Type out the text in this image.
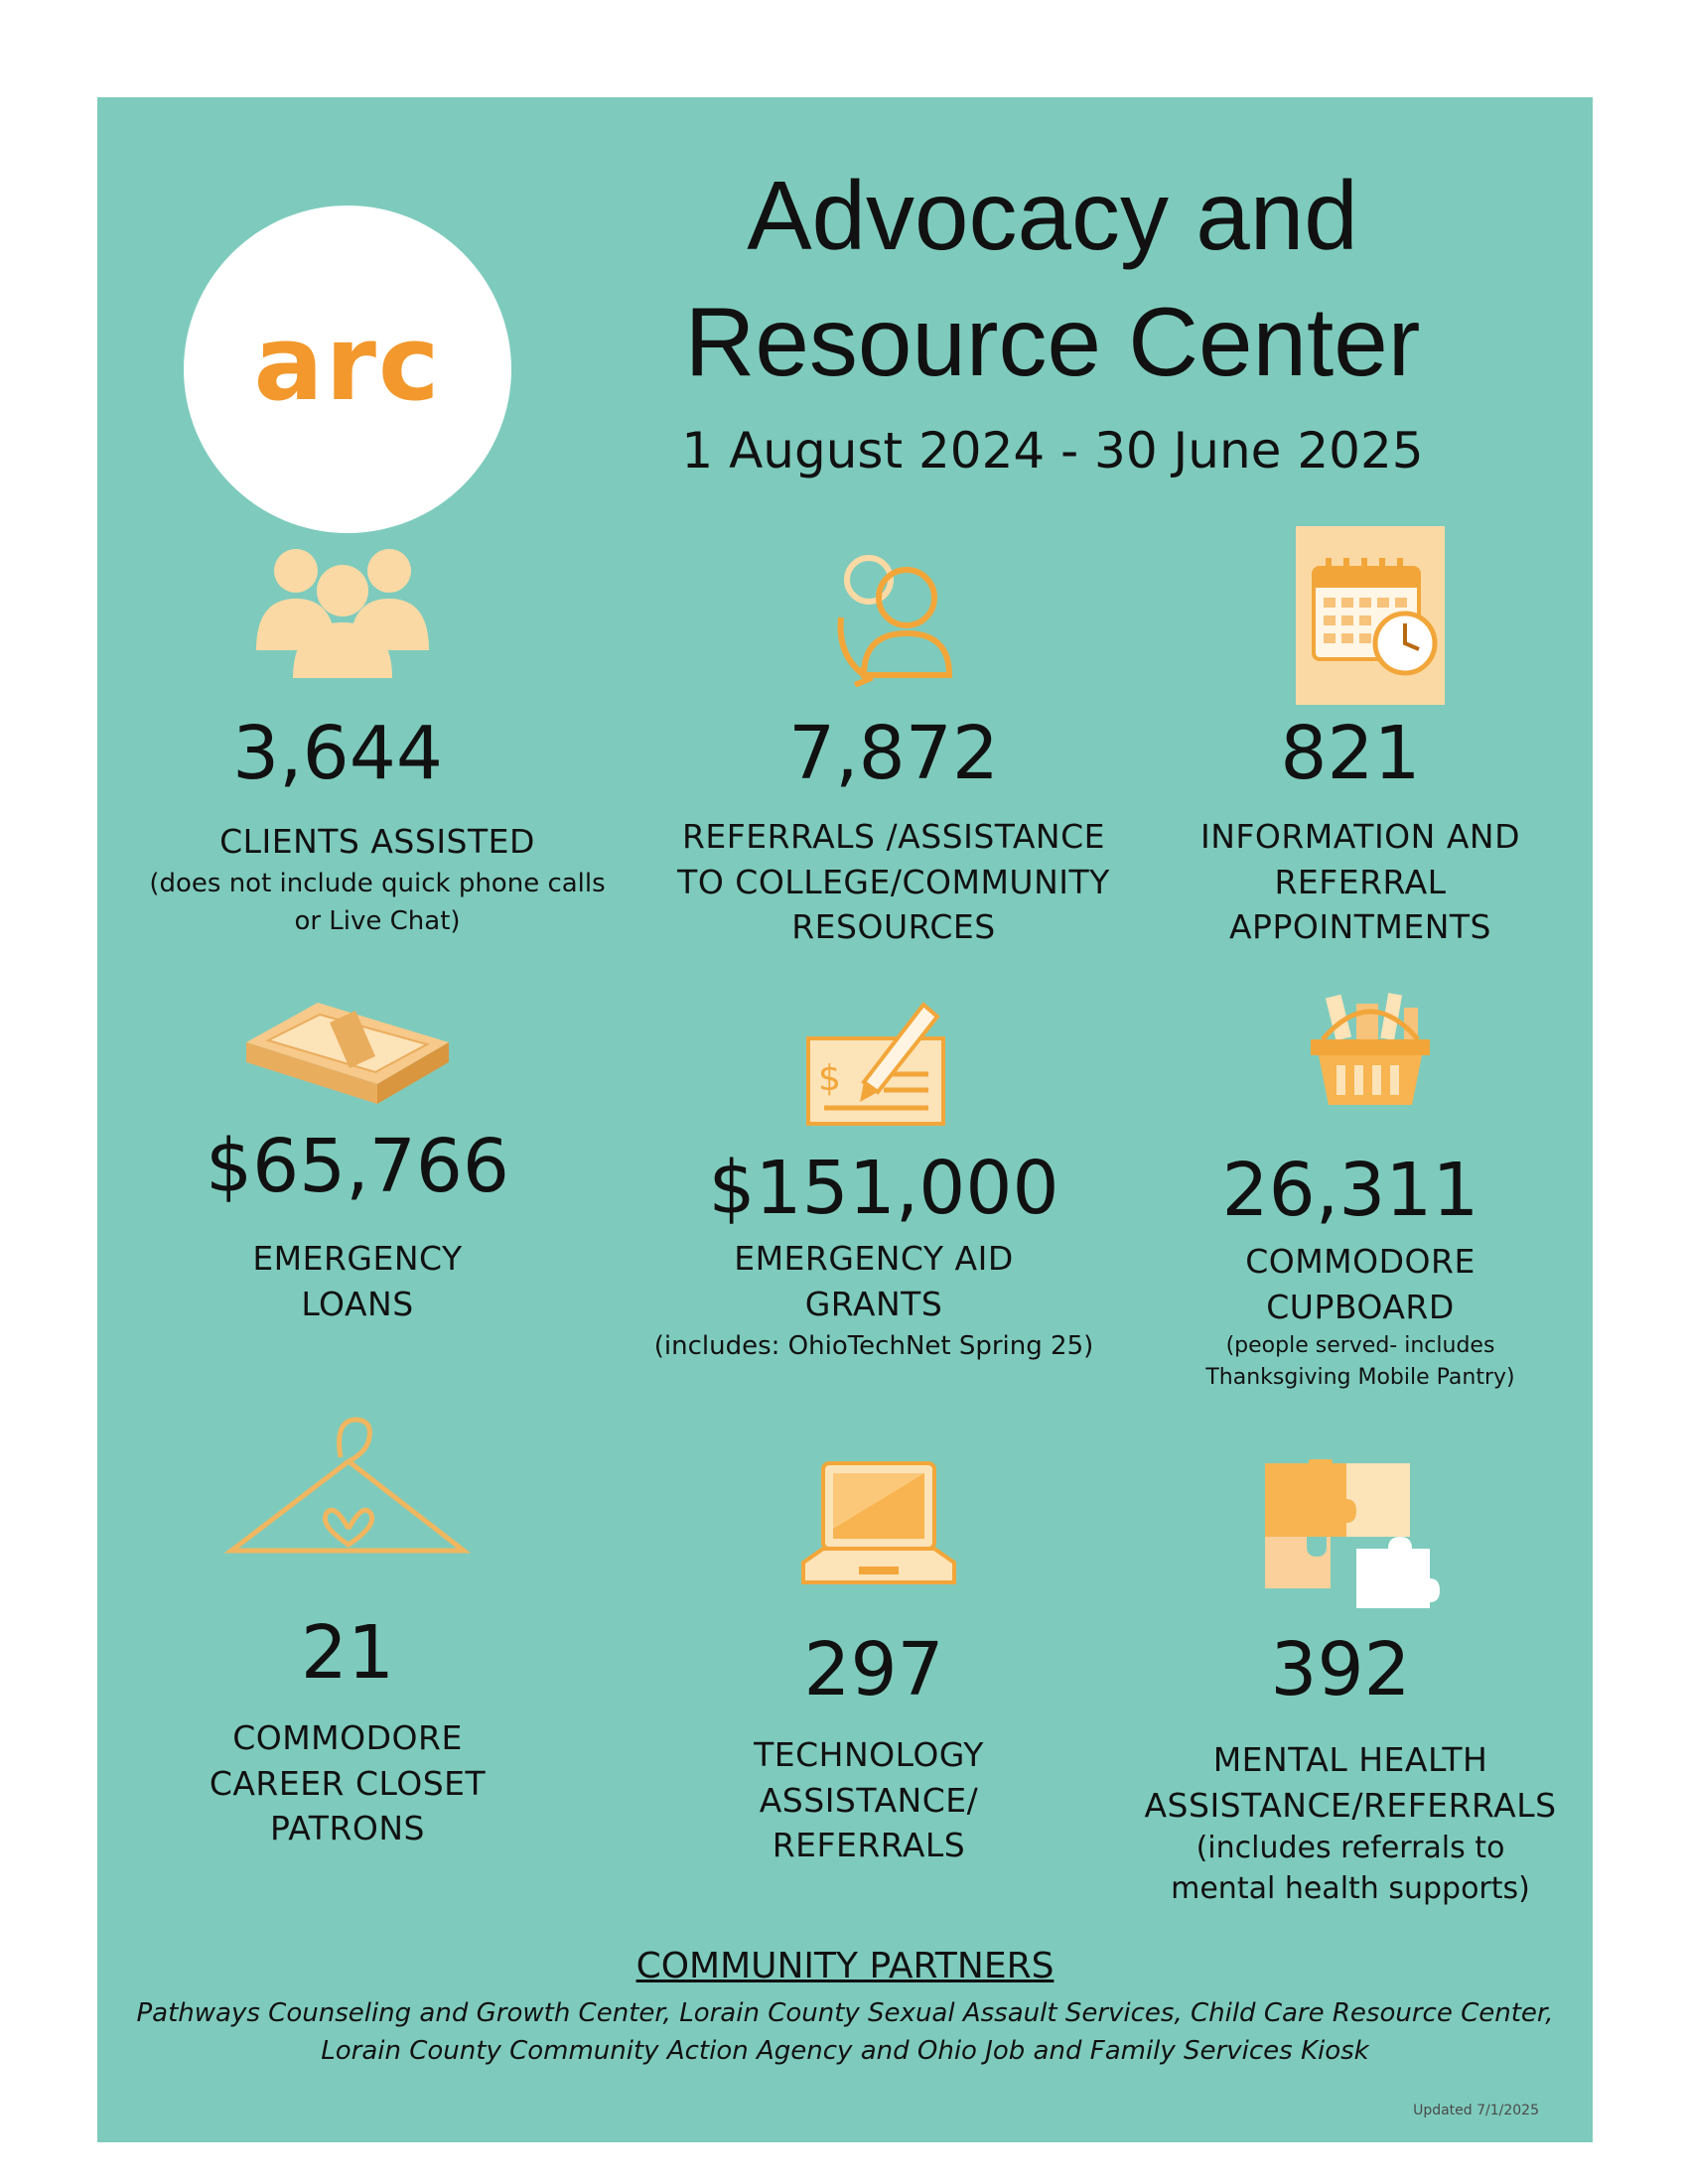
arc
Advocacy and
Resource Center
1 August 2024 - 30 June 2025
3,644
CLIENTS ASSISTED
(does not include quick phone calls or Live Chat)
7,872
REFERRALS /ASSISTANCE TO COLLEGE/COMMUNITY RESOURCES
821
INFORMATION AND REFERRAL APPOINTMENTS
$65,766
EMERGENCY LOANS
$
$151,000
EMERGENCY AID GRANTS
(includes: OhioTechNet Spring 25)
26,311
COMMODORE CUPBOARD
(people served- includes Thanksgiving Mobile Pantry)
21
COMMODORE CAREER CLOSET PATRONS
297
TECHNOLOGY ASSISTANCE/ REFERRALS
392
MENTAL HEALTH ASSISTANCE/REFERRALS
(includes referrals to mental health supports)
COMMUNITY PARTNERS
Pathways Counseling and Growth Center, Lorain County Sexual Assault Services, Child Care Resource Center, Lorain County Community Action Agency and Ohio Job and Family Services Kiosk
Updated 7/1/2025
